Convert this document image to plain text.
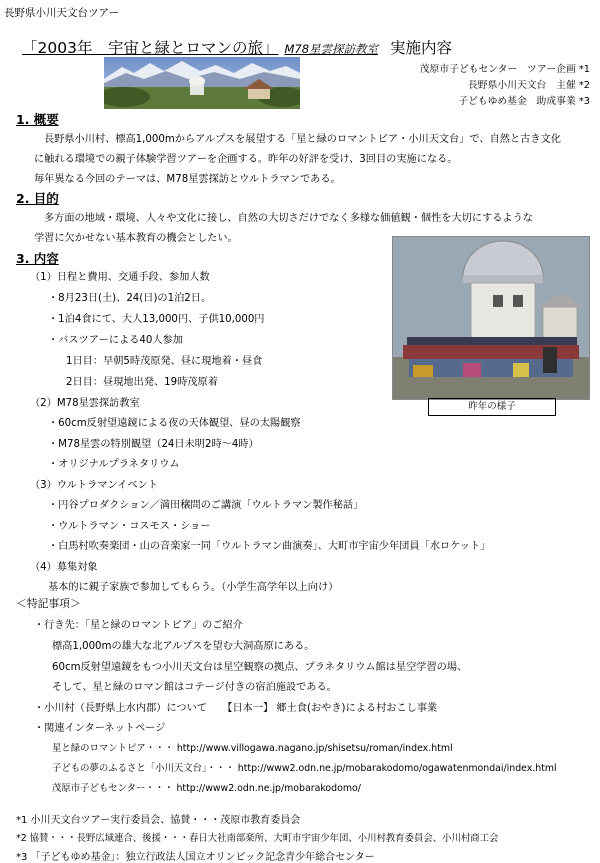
長野県小川天文台ツアー
「2003年　宇宙と緑とロマンの旅」 M78星雲探訪教室 実施内容
茂原市子どもセンター　ツアー企画 *1
長野県小川天文台　主催 *2
子どもゆめ基金　助成事業 *3
1. 概要
長野県小川村、標高1,000mからアルプスを展望する「星と緑のロマントピア・小川天文台」で、自然と古き文化
に触れる環境での親子体験学習ツアーを企画する。昨年の好評を受け、3回目の実施になる。
毎年異なる今回のテーマは、M78星雲探訪とウルトラマンである。
2. 目的
多方面の地域・環境、人々や文化に接し、自然の大切さだけでなく多様な価値観・個性を大切にするような
学習に欠かせない基本教育の機会としたい。
3. 内容
（1）日程と費用、交通手段、参加人数
・8月23日(土)、24(日)の1泊2日。
・1泊4食にて、大人13,000円、子供10,000円
・バスツアーによる40人参加
1日目：早朝5時茂原発、昼に現地着・昼食
2日目：昼現地出発、19時茂原着
（2）M78星雲探訪教室
・60cm反射望遠鏡による夜の天体観望、昼の太陽観察
・M78星雲の特別観望（24日未明2時〜4時）
・オリジナルプラネタリウム
（3）ウルトラマンイベント
・円谷プロダクション／満田穣問のご講演「ウルトラマン製作秘話」
・ウルトラマン・コスモス・ショー
・白馬村吹奏楽団・山の音楽家一同「ウルトラマン曲演奏」、大町市宇宙少年団員「水ロケット」
（4）募集対象
基本的に親子家族で参加してもらう。（小学生高学年以上向け）
昨年の様子
＜特記事項＞
・行き先：「星と緑のロマントピア」のご紹介
標高1,000mの雄大な北アルプスを望む大洞高原にある。
60cm反射望遠鏡をもつ小川天文台は星空観察の拠点、プラネタリウム館は星空学習の場、
そして、星と緑のロマン館はコテージ付きの宿泊施設である。
・小川村（長野県上水内郡）について　　【日本一】 郷土食(おやき)による村おこし事業
・関連インターネットページ
星と緑のロマントピア・・・ http://www.villogawa.nagano.jp/shisetsu/roman/index.html
子どもの夢のふるさと「小川天文台」・・・ http://www2.odn.ne.jp/mobarakodomo/ogawatenmondai/index.html
茂原市子どもセンター・・・ http://www2.odn.ne.jp/mobarakodomo/
*1 小川天文台ツアー実行委員会、協賛・・・茂原市教育委員会
*2 協賛・・・長野広域連合、後援・・・春日大社南部楽所、大町市宇宙少年団、小川村教育委員会、小川村商工会
*3 「子どもゆめ基金」：独立行政法人国立オリンピック記念青少年総合センター
